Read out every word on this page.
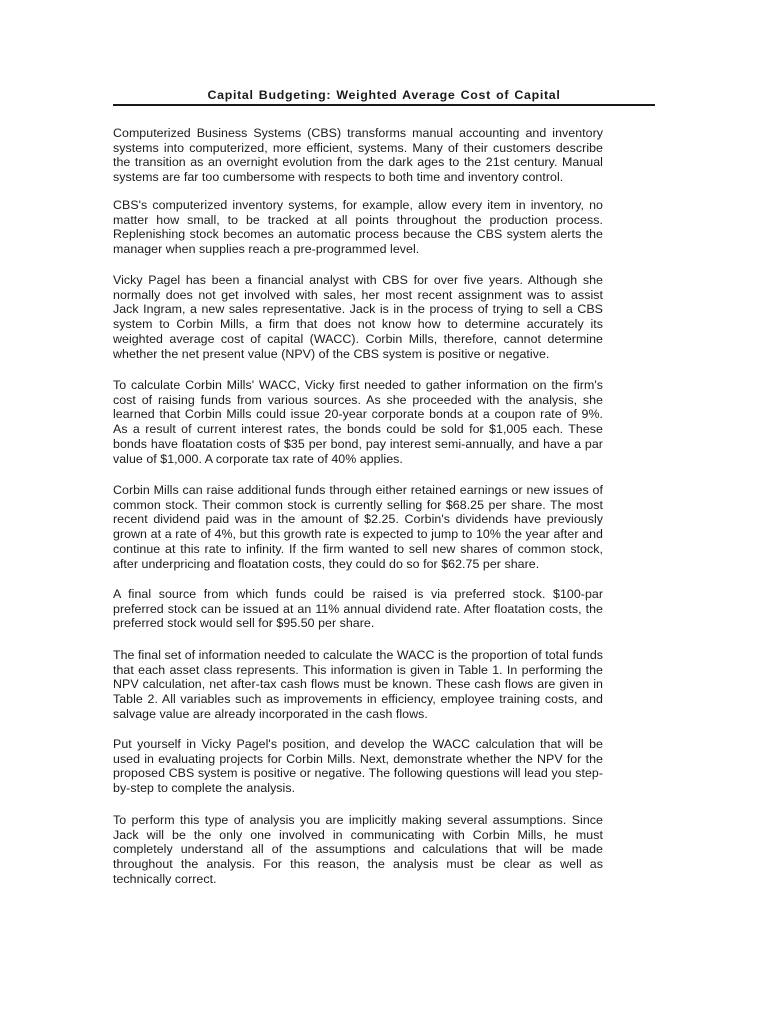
Capital Budgeting: Weighted Average Cost of Capital

Computerized Business Systems (CBS) transforms manual accounting and inventory systems into computerized, more efficient, systems. Many of their customers describe the transition as an overnight evolution from the dark ages to the 21st century. Manual systems are far too cumbersome with respects to both time and inventory control.

CBS's computerized inventory systems, for example, allow every item in inventory, no matter how small, to be tracked at all points throughout the production process. Replenishing stock becomes an automatic process because the CBS system alerts the manager when supplies reach a pre-programmed level.

Vicky Pagel has been a financial analyst with CBS for over five years. Although she normally does not get involved with sales, her most recent assignment was to assist Jack Ingram, a new sales representative. Jack is in the process of trying to sell a CBS system to Corbin Mills, a firm that does not know how to determine accurately its weighted average cost of capital (WACC). Corbin Mills, therefore, cannot determine whether the net present value (NPV) of the CBS system is positive or negative.

To calculate Corbin Mills' WACC, Vicky first needed to gather information on the firm's cost of raising funds from various sources. As she proceeded with the analysis, she learned that Corbin Mills could issue 20-year corporate bonds at a coupon rate of 9%. As a result of current interest rates, the bonds could be sold for $1,005 each. These bonds have floatation costs of $35 per bond, pay interest semi-annually, and have a par value of $1,000. A corporate tax rate of 40% applies.

Corbin Mills can raise additional funds through either retained earnings or new issues of common stock. Their common stock is currently selling for $68.25 per share. The most recent dividend paid was in the amount of $2.25. Corbin's dividends have previously grown at a rate of 4%, but this growth rate is expected to jump to 10% the year after and continue at this rate to infinity. If the firm wanted to sell new shares of common stock, after underpricing and floatation costs, they could do so for $62.75 per share.

A final source from which funds could be raised is via preferred stock. $100-par preferred stock can be issued at an 11% annual dividend rate. After floatation costs, the preferred stock would sell for $95.50 per share.

The final set of information needed to calculate the WACC is the proportion of total funds that each asset class represents. This information is given in Table 1. In performing the NPV calculation, net after-tax cash flows must be known. These cash flows are given in Table 2. All variables such as improvements in efficiency, employee training costs, and salvage value are already incorporated in the cash flows.

Put yourself in Vicky Pagel's position, and develop the WACC calculation that will be used in evaluating projects for Corbin Mills. Next, demonstrate whether the NPV for the proposed CBS system is positive or negative. The following questions will lead you step-by-step to complete the analysis.

To perform this type of analysis you are implicitly making several assumptions. Since Jack will be the only one involved in communicating with Corbin Mills, he must completely understand all of the assumptions and calculations that will be made throughout the analysis. For this reason, the analysis must be clear as well as technically correct.
